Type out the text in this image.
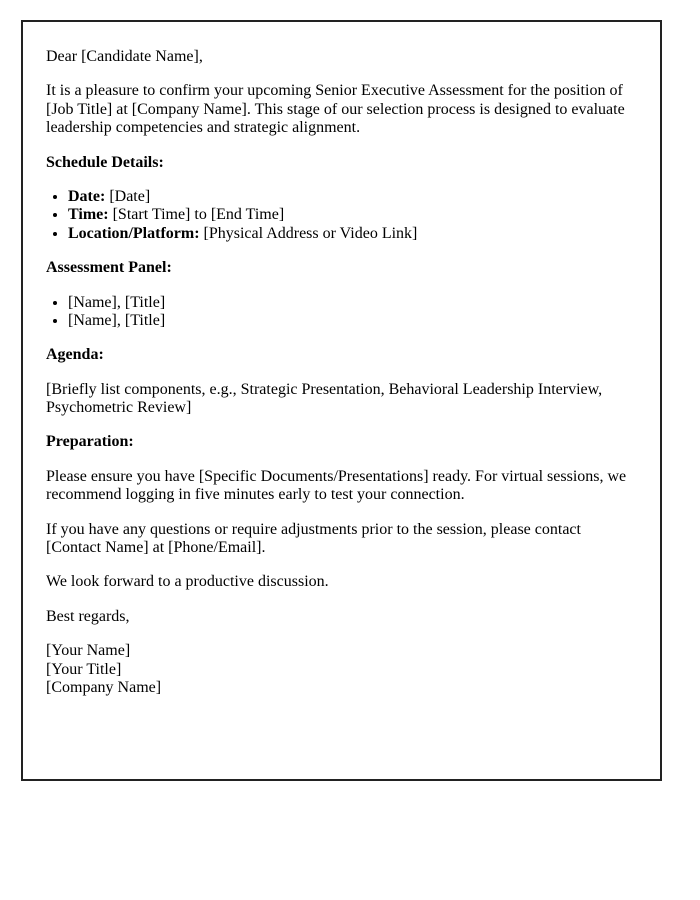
Dear [Candidate Name],

It is a pleasure to confirm your upcoming Senior Executive Assessment for the position of [Job Title] at [Company Name]. This stage of our selection process is designed to evaluate leadership competencies and strategic alignment.

Schedule Details:

• Date: [Date]
• Time: [Start Time] to [End Time]
• Location/Platform: [Physical Address or Video Link]

Assessment Panel:

• [Name], [Title]
• [Name], [Title]

Agenda:

[Briefly list components, e.g., Strategic Presentation, Behavioral Leadership Interview, Psychometric Review]

Preparation:

Please ensure you have [Specific Documents/Presentations] ready. For virtual sessions, we recommend logging in five minutes early to test your connection.

If you have any questions or require adjustments prior to the session, please contact [Contact Name] at [Phone/Email].

We look forward to a productive discussion.

Best regards,

[Your Name]
[Your Title]
[Company Name]
